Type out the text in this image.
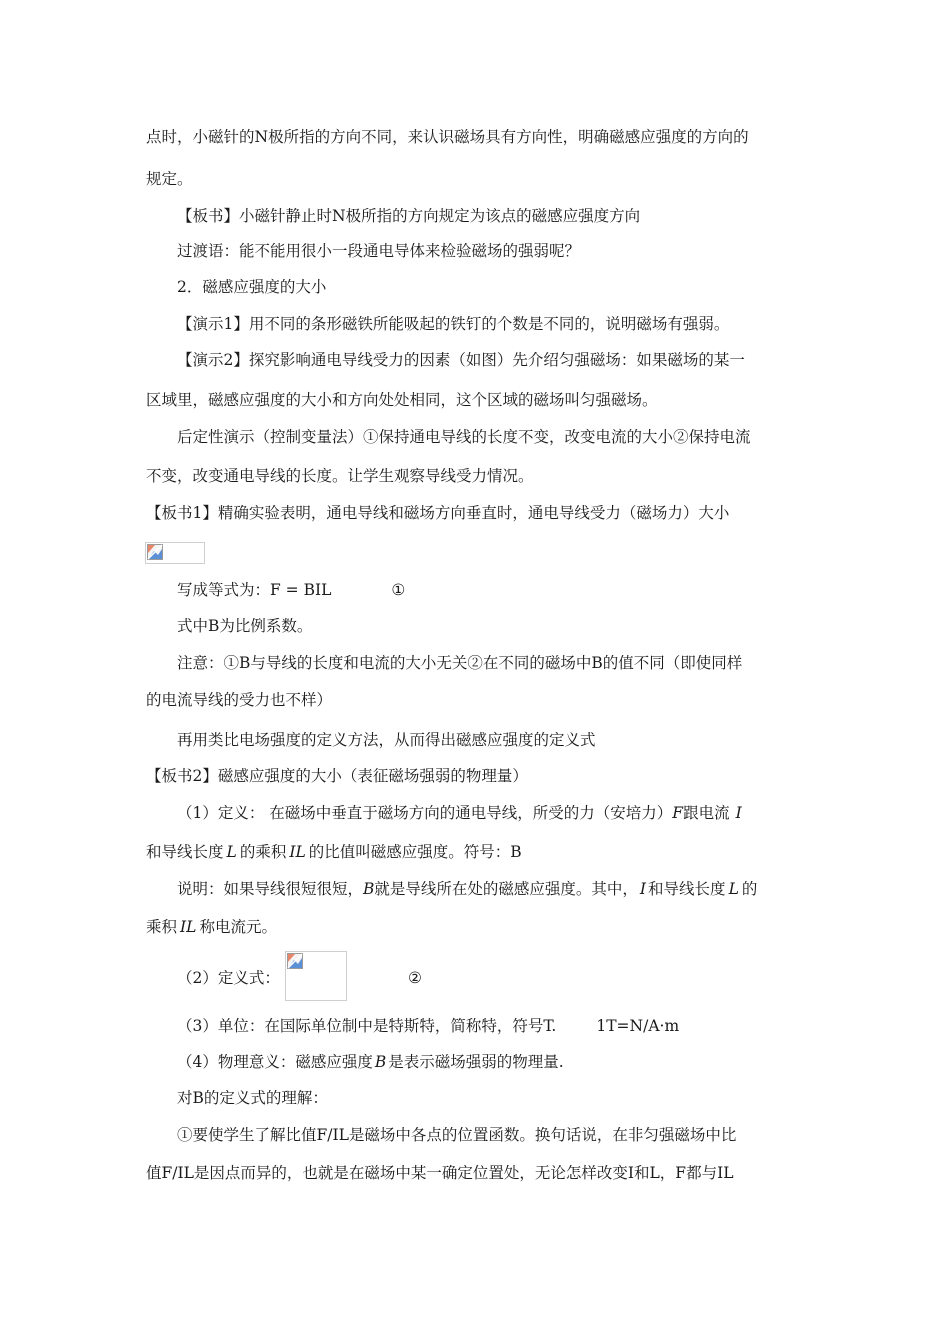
点时，小磁针的N极所指的方向不同，来认识磁场具有方向性，明确磁感应强度的方向的
规定。
【板书】小磁针静止时N极所指的方向规定为该点的磁感应强度方向
过渡语：能不能用很小一段通电导体来检验磁场的强弱呢？
2．磁感应强度的大小
【演示1】用不同的条形磁铁所能吸起的铁钉的个数是不同的，说明磁场有强弱。
【演示2】探究影响通电导线受力的因素（如图）先介绍匀强磁场：如果磁场的某一
区域里，磁感应强度的大小和方向处处相同，这个区域的磁场叫匀强磁场。
后定性演示（控制变量法）①保持通电导线的长度不变，改变电流的大小②保持电流
不变，改变通电导线的长度。让学生观察导线受力情况。
【板书1】精确实验表明，通电导线和磁场方向垂直时，通电导线受力（磁场力）大小
写成等式为：F = BIL	①
式中B为比例系数。
注意：①B与导线的长度和电流的大小无关②在不同的磁场中B的值不同（即使同样
的电流导线的受力也不样）
再用类比电场强度的定义方法，从而得出磁感应强度的定义式
【板书2】磁感应强度的大小（表征磁场强弱的物理量）
（1）定义： 在磁场中垂直于磁场方向的通电导线，所受的力（安培力）F跟电流 I
和导线长度 L 的乘积 IL 的比值叫磁感应强度。符号：B
说明：如果导线很短很短，B就是导线所在处的磁感应强度。其中， I 和导线长度 L 的
乘积 IL 称电流元。
（2）定义式：	②
（3）单位：在国际单位制中是特斯特，简称特，符号T.	1T=N/A·m
（4）物理意义：磁感应强度 B 是表示磁场强弱的物理量.
对B的定义式的理解：
①要使学生了解比值F/IL是磁场中各点的位置函数。换句话说，在非匀强磁场中比
值F/IL是因点而异的，也就是在磁场中某一确定位置处，无论怎样改变I和L，F都与IL
